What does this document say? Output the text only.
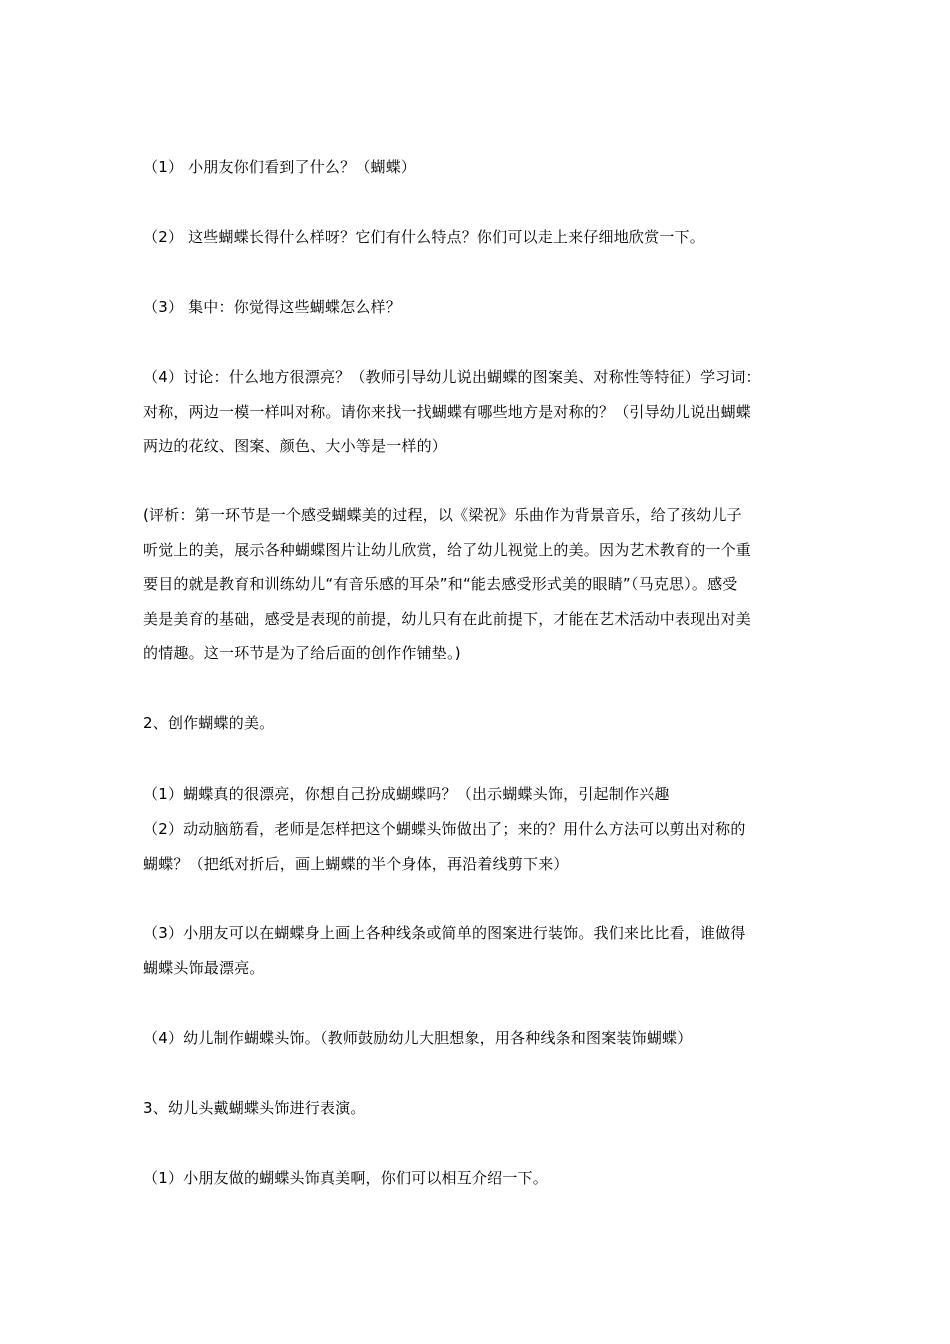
（1） 小朋友你们看到了什么？（蝴蝶）
（2） 这些蝴蝶长得什么样呀？它们有什么特点？你们可以走上来仔细地欣赏一下。
（3） 集中：你觉得这些蝴蝶怎么样？
（4）讨论：什么地方很漂亮？（教师引导幼儿说出蝴蝶的图案美、对称性等特征）学习词：
对称，两边一模一样叫对称。请你来找一找蝴蝶有哪些地方是对称的？（引导幼儿说出蝴蝶
两边的花纹、图案、颜色、大小等是一样的）
(评析：第一环节是一个感受蝴蝶美的过程，以《梁祝》乐曲作为背景音乐，给了孩幼儿子
听觉上的美，展示各种蝴蝶图片让幼儿欣赏，给了幼儿视觉上的美。因为艺术教育的一个重
要目的就是教育和训练幼儿“有音乐感的耳朵”和“能去感受形式美的眼睛”（马克思）。感受
美是美育的基础，感受是表现的前提，幼儿只有在此前提下，才能在艺术活动中表现出对美
的情趣。这一环节是为了给后面的创作作铺垫。)
2、创作蝴蝶的美。
（1）蝴蝶真的很漂亮，你想自己扮成蝴蝶吗？（出示蝴蝶头饰，引起制作兴趣
（2）动动脑筋看，老师是怎样把这个蝴蝶头饰做出了；来的？用什么方法可以剪出对称的
蝴蝶？（把纸对折后，画上蝴蝶的半个身体，再沿着线剪下来）
（3）小朋友可以在蝴蝶身上画上各种线条或简单的图案进行装饰。我们来比比看，谁做得
蝴蝶头饰最漂亮。
（4）幼儿制作蝴蝶头饰。（教师鼓励幼儿大胆想象，用各种线条和图案装饰蝴蝶）
3、幼儿头戴蝴蝶头饰进行表演。
（1）小朋友做的蝴蝶头饰真美啊，你们可以相互介绍一下。
